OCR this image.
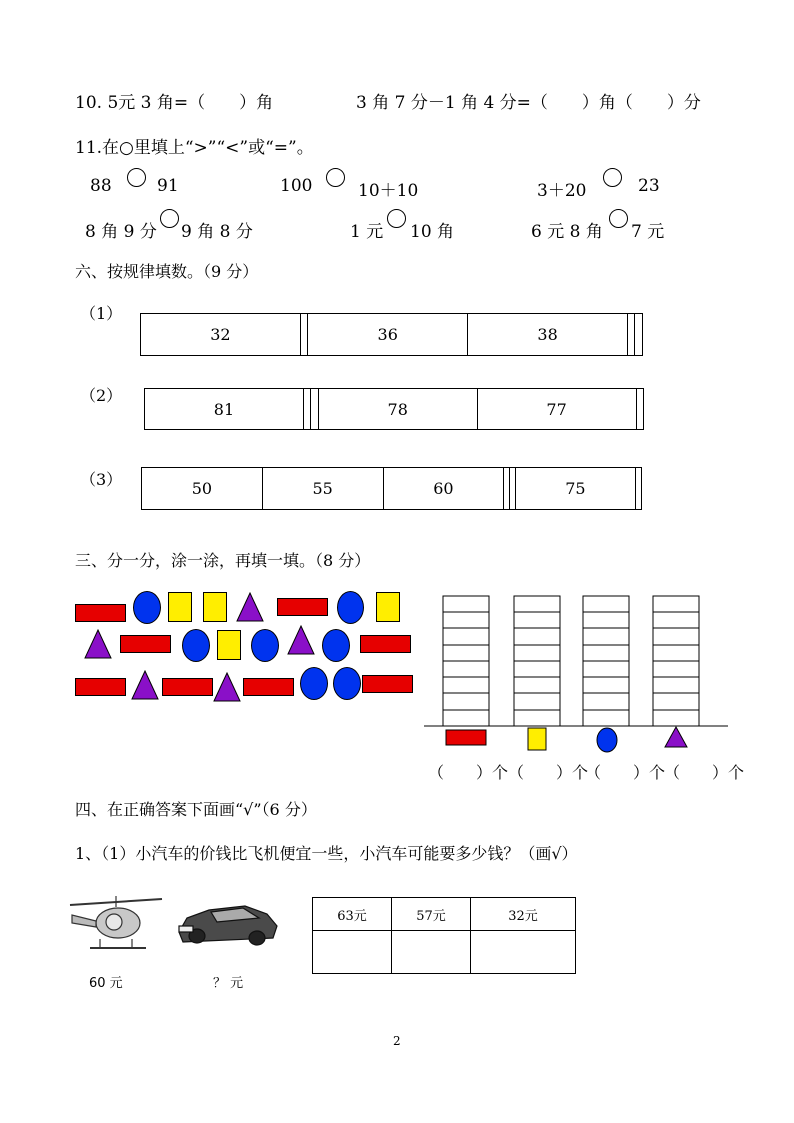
10. 5元 3 角=（　　）角	3 角 7 分－1 角 4 分=（　　）角（　　）分
11.在○里填上“>”“<”或“=”。
88	91	100	10＋10	3＋20	23
8 角 9 分 9 角 8 分	1 元 10 角	6 元 8 角 7 元
六、按规律填数。（9 分）
（1）
32		36	38		
（2）
81			78	77	
（3）	50	55	60			75	
三、分一分，涂一涂，再填一填。（8 分）
（　　）个 （　　）个
（　　）个
（　　）个
四、在正确答案下面画“√”（6 分）
1、（1）小汽车的价钱比飞机便宜一些，小汽车可能要多少钱？（画√）
60 元	？ 元
63元	57元	32元

2
